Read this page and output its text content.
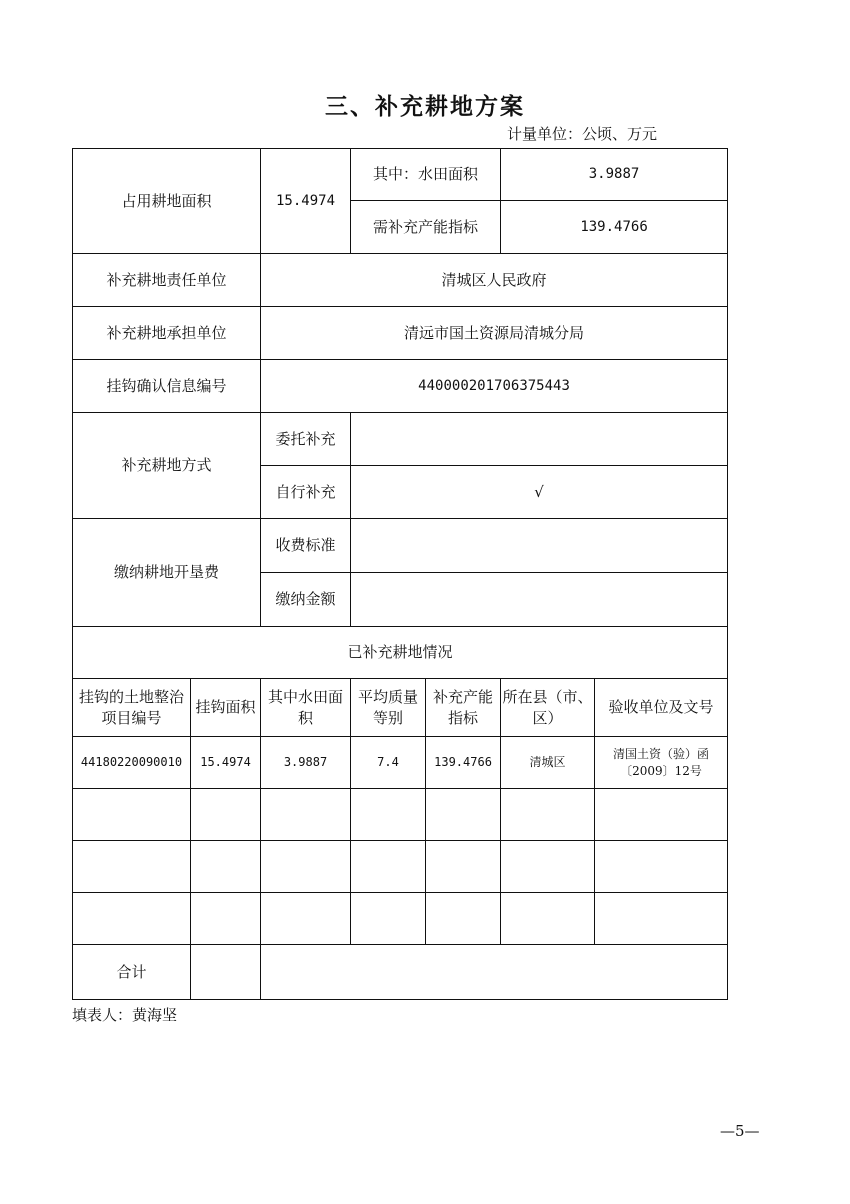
三、补充耕地方案
计量单位：公顷、万元
占用耕地面积		15.4974	其中：水田面积		3.9887	
			需补充产能指标		139.4766	
补充耕地责任单位		清城区人民政府				
补充耕地承担单位		清远市国土资源局清城分局				
挂钩确认信息编号		440000201706375443				
补充耕地方式		委托补充				
		自行补充	√			
缴纳耕地开垦费		收费标准				
		缴纳金额				
已补充耕地情况						
挂钩的土地整治项目编号	挂钩面积	其中水田面积	平均质量等别	补充产能指标	所在县（市、区）	验收单位及文号
44180220090010	15.4974	3.9887	7.4	139.4766	清城区	清国土资（验）函〔2009〕12号

合计						
填表人：黄海坚
—5—
